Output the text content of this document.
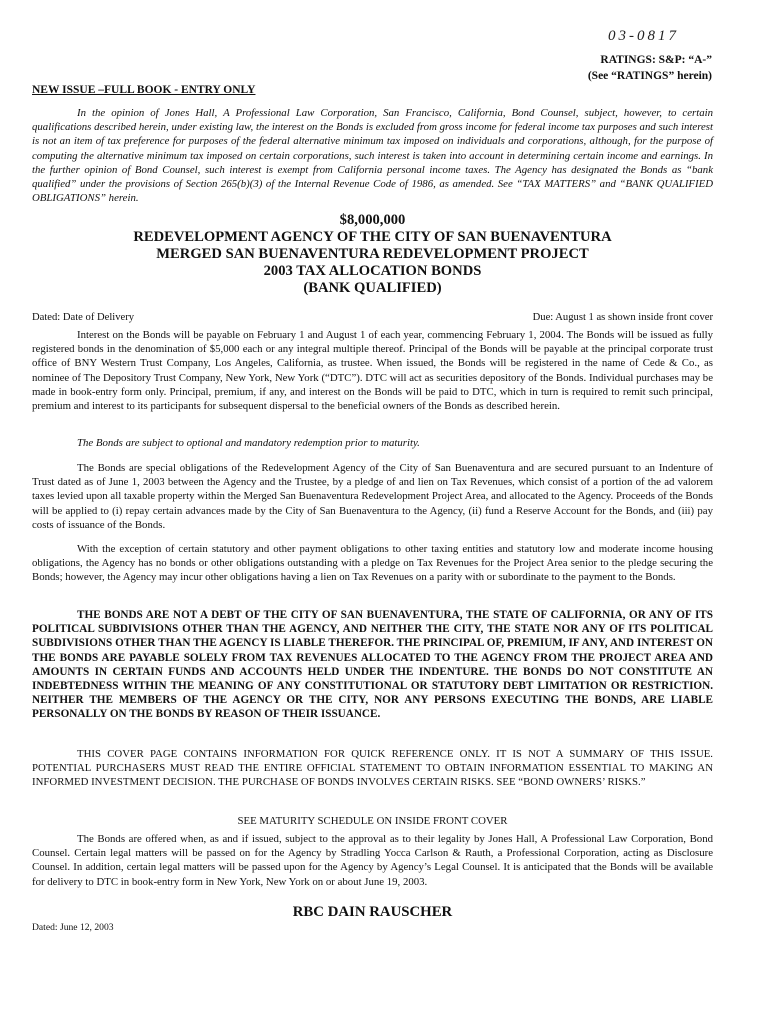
03-0817
RATINGS: S&P: “A-”
(See “RATINGS” herein)
NEW ISSUE –FULL BOOK - ENTRY ONLY
In the opinion of Jones Hall, A Professional Law Corporation, San Francisco, California, Bond Counsel, subject, however, to certain qualifications described herein, under existing law, the interest on the Bonds is excluded from gross income for federal income tax purposes and such interest is not an item of tax preference for purposes of the federal alternative minimum tax imposed on individuals and corporations, although, for the purpose of computing the alternative minimum tax imposed on certain corporations, such interest is taken into account in determining certain income and earnings. In the further opinion of Bond Counsel, such interest is exempt from California personal income taxes. The Agency has designated the Bonds as “bank qualified” under the provisions of Section 265(b)(3) of the Internal Revenue Code of 1986, as amended. See “TAX MATTERS” and “BANK QUALIFIED OBLIGATIONS” herein.
$8,000,000
REDEVELOPMENT AGENCY OF THE CITY OF SAN BUENAVENTURA
MERGED SAN BUENAVENTURA REDEVELOPMENT PROJECT
2003 TAX ALLOCATION BONDS
(BANK QUALIFIED)
Dated: Date of Delivery	Due: August 1 as shown inside front cover
Interest on the Bonds will be payable on February 1 and August 1 of each year, commencing February 1, 2004. The Bonds will be issued as fully registered bonds in the denomination of $5,000 each or any integral multiple thereof. Principal of the Bonds will be payable at the principal corporate trust office of BNY Western Trust Company, Los Angeles, California, as trustee. When issued, the Bonds will be registered in the name of Cede & Co., as nominee of The Depository Trust Company, New York, New York (“DTC”). DTC will act as securities depository of the Bonds. Individual purchases may be made in book-entry form only. Principal, premium, if any, and interest on the Bonds will be paid to DTC, which in turn is required to remit such principal, premium and interest to its participants for subsequent dispersal to the beneficial owners of the Bonds as described herein.
The Bonds are subject to optional and mandatory redemption prior to maturity.
The Bonds are special obligations of the Redevelopment Agency of the City of San Buenaventura and are secured pursuant to an Indenture of Trust dated as of June 1, 2003 between the Agency and the Trustee, by a pledge of and lien on Tax Revenues, which consist of a portion of the ad valorem taxes levied upon all taxable property within the Merged San Buenaventura Redevelopment Project Area, and allocated to the Agency. Proceeds of the Bonds will be applied to (i) repay certain advances made by the City of San Buenaventura to the Agency, (ii) fund a Reserve Account for the Bonds, and (iii) pay costs of issuance of the Bonds.
With the exception of certain statutory and other payment obligations to other taxing entities and statutory low and moderate income housing obligations, the Agency has no bonds or other obligations outstanding with a pledge on Tax Revenues for the Project Area senior to the pledge securing the Bonds; however, the Agency may incur other obligations having a lien on Tax Revenues on a parity with or subordinate to the payment to the Bonds.
THE BONDS ARE NOT A DEBT OF THE CITY OF SAN BUENAVENTURA, THE STATE OF CALIFORNIA, OR ANY OF ITS POLITICAL SUBDIVISIONS OTHER THAN THE AGENCY, AND NEITHER THE CITY, THE STATE NOR ANY OF ITS POLITICAL SUBDIVISIONS OTHER THAN THE AGENCY IS LIABLE THEREFOR. THE PRINCIPAL OF, PREMIUM, IF ANY, AND INTEREST ON THE BONDS ARE PAYABLE SOLELY FROM TAX REVENUES ALLOCATED TO THE AGENCY FROM THE PROJECT AREA AND AMOUNTS IN CERTAIN FUNDS AND ACCOUNTS HELD UNDER THE INDENTURE. THE BONDS DO NOT CONSTITUTE AN INDEBTEDNESS WITHIN THE MEANING OF ANY CONSTITUTIONAL OR STATUTORY DEBT LIMITATION OR RESTRICTION. NEITHER THE MEMBERS OF THE AGENCY OR THE CITY, NOR ANY PERSONS EXECUTING THE BONDS, ARE LIABLE PERSONALLY ON THE BONDS BY REASON OF THEIR ISSUANCE.
THIS COVER PAGE CONTAINS INFORMATION FOR QUICK REFERENCE ONLY. IT IS NOT A SUMMARY OF THIS ISSUE. POTENTIAL PURCHASERS MUST READ THE ENTIRE OFFICIAL STATEMENT TO OBTAIN INFORMATION ESSENTIAL TO MAKING AN INFORMED INVESTMENT DECISION. THE PURCHASE OF BONDS INVOLVES CERTAIN RISKS. SEE “BOND OWNERS’ RISKS.”
SEE MATURITY SCHEDULE ON INSIDE FRONT COVER
The Bonds are offered when, as and if issued, subject to the approval as to their legality by Jones Hall, A Professional Law Corporation, Bond Counsel. Certain legal matters will be passed on for the Agency by Stradling Yocca Carlson & Rauth, a Professional Corporation, acting as Disclosure Counsel. In addition, certain legal matters will be passed upon for the Agency by Agency’s Legal Counsel. It is anticipated that the Bonds will be available for delivery to DTC in book-entry form in New York, New York on or about June 19, 2003.
RBC DAIN RAUSCHER
Dated: June 12, 2003
